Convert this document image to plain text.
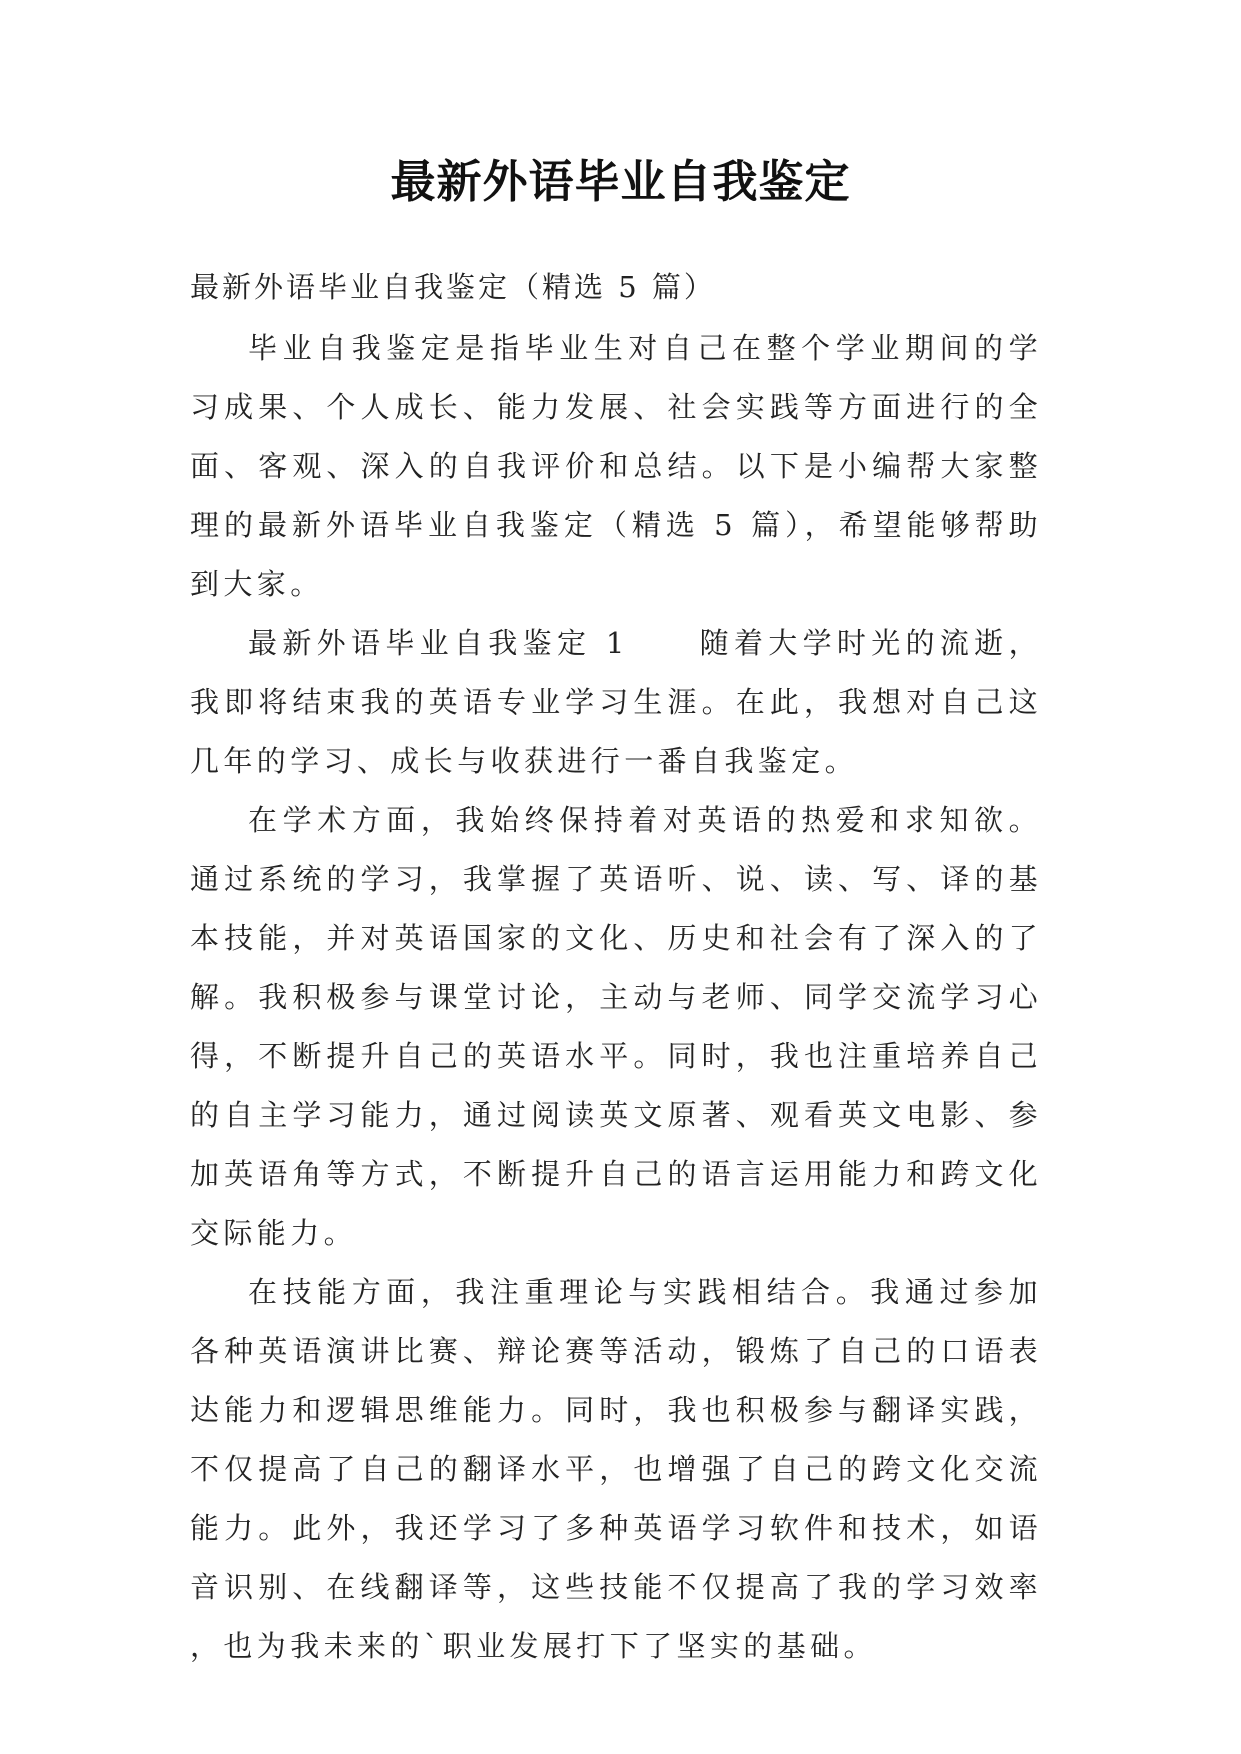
最新外语毕业自我鉴定

最新外语毕业自我鉴定（精选 5 篇）

毕业自我鉴定是指毕业生对自己在整个学业期间的学习成果、个人成长、能力发展、社会实践等方面进行的全面、客观、深入的自我评价和总结。以下是小编帮大家整理的最新外语毕业自我鉴定（精选 5 篇），希望能够帮助到大家。

最新外语毕业自我鉴定 1 随着大学时光的流逝，我即将结束我的英语专业学习生涯。在此，我想对自己这几年的学习、成长与收获进行一番自我鉴定。

在学术方面，我始终保持着对英语的热爱和求知欲。通过系统的学习，我掌握了英语听、说、读、写、译的基本技能，并对英语国家的文化、历史和社会有了深入的了解。我积极参与课堂讨论，主动与老师、同学交流学习心得，不断提升自己的英语水平。同时，我也注重培养自己的自主学习能力，通过阅读英文原著、观看英文电影、参加英语角等方式，不断提升自己的语言运用能力和跨文化交际能力。

在技能方面，我注重理论与实践相结合。我通过参加各种英语演讲比赛、辩论赛等活动，锻炼了自己的口语表达能力和逻辑思维能力。同时，我也积极参与翻译实践，不仅提高了自己的翻译水平，也增强了自己的跨文化交流能力。此外，我还学习了多种英语学习软件和技术，如语音识别、在线翻译等，这些技能不仅提高了我的学习效率，也为我未来的`职业发展打下了坚实的基础。
